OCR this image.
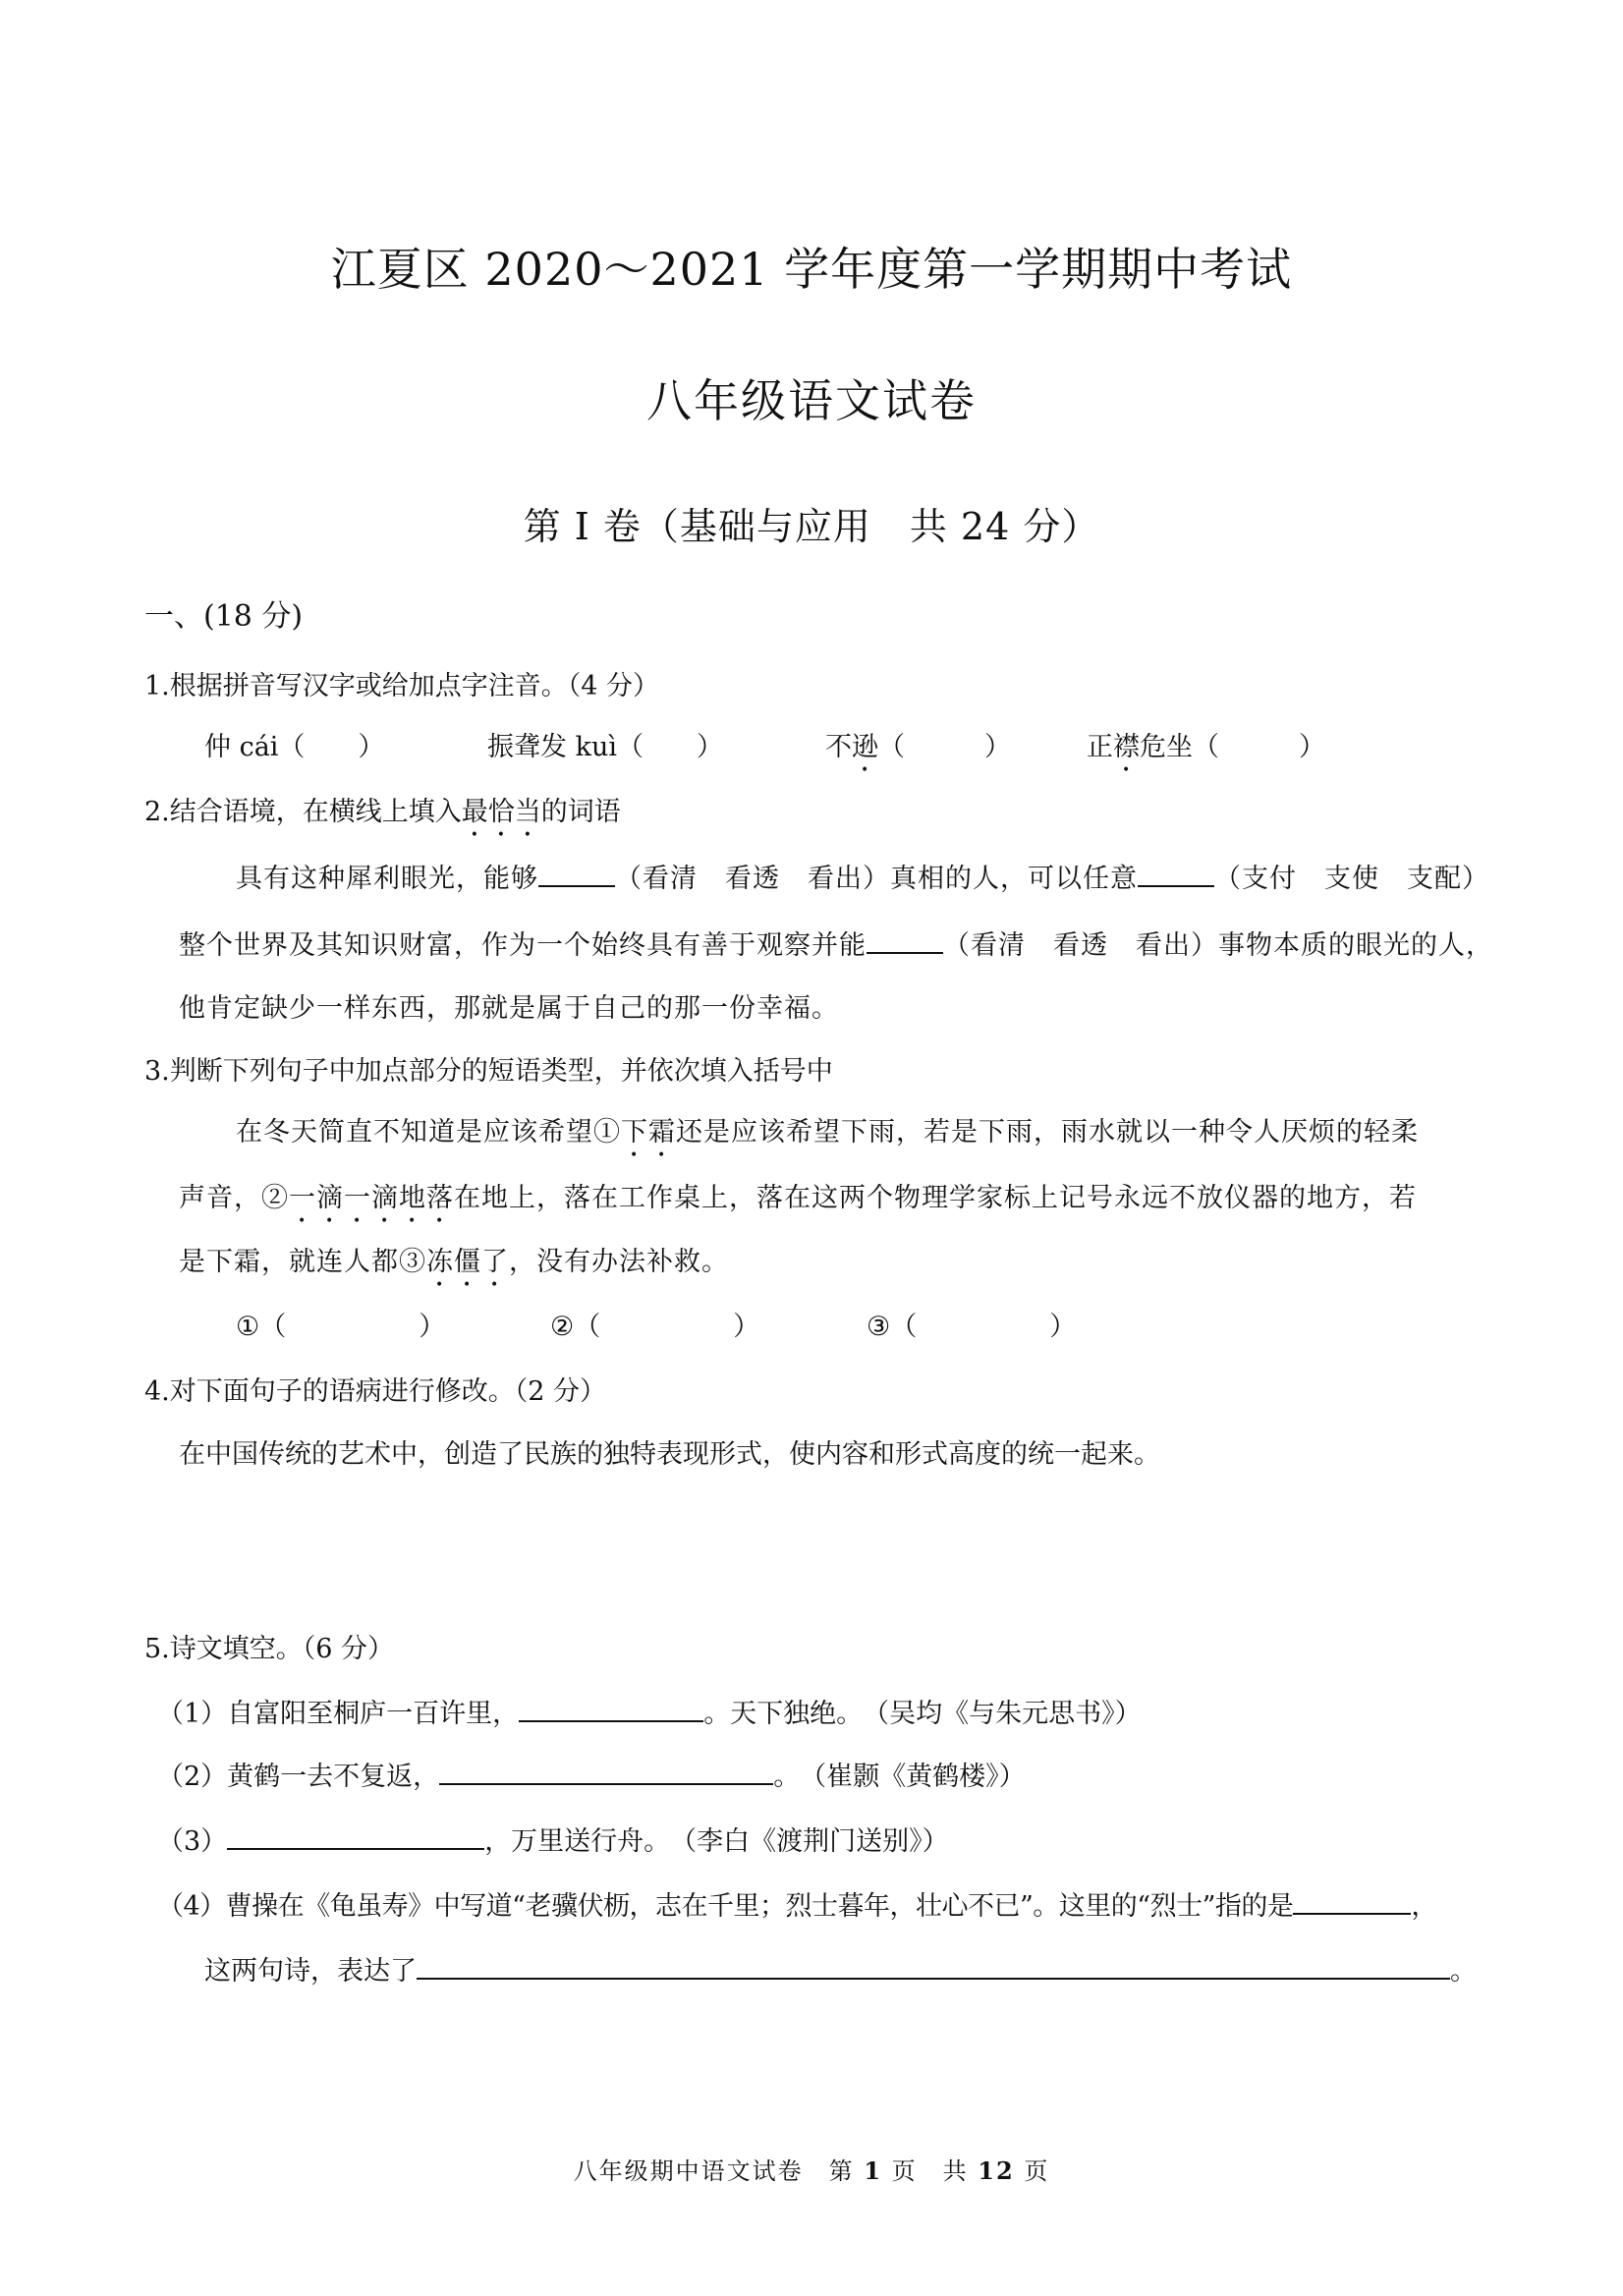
江夏区 2020～2021 学年度第一学期期中考试
八年级语文试卷
第 I 卷（基础与应用　共 24 分）
一、(18 分)
1.根据拼音写汉字或给加点字注音。（4 分）
仲 cái（　　）	振聋发 kuì（　　）	不逊（　　　）	正襟危坐（　　　）
2.结合语境，在横线上填入最恰当的词语
具有这种犀利眼光，能够	（看清　看透　看出）真相的人，可以任意	（支付　支使　支配）
整个世界及其知识财富，作为一个始终具有善于观察并能	（看清　看透　看出）事物本质的眼光的人，
他肯定缺少一样东西，那就是属于自己的那一份幸福。
3.判断下列句子中加点部分的短语类型，并依次填入括号中
在冬天简直不知道是应该希望①下霜还是应该希望下雨，若是下雨，雨水就以一种令人厌烦的轻柔
声音，②一滴一滴地落在地上，落在工作桌上，落在这两个物理学家标上记号永远不放仪器的地方，若
是下霜，就连人都③冻僵了，没有办法补救。
①（　　　　　）	②（　　　　　）	③（　　　　　）
4.对下面句子的语病进行修改。（2 分）
在中国传统的艺术中，创造了民族的独特表现形式，使内容和形式高度的统一起来。
5.诗文填空。（6 分）
（1）自富阳至桐庐一百许里，	。天下独绝。　（吴均《与朱元思书》）
（2）黄鹤一去不复返，	。　（崔颢《黄鹤楼》）
（3）	，万里送行舟。　（李白《渡荆门送别》）
（4）曹操在《龟虽寿》中写道“老骥伏枥，志在千里；烈士暮年，壮心不已”。这里的“烈士”指的是	，
这两句诗，表达了	。
八年级期中语文试卷　第 1 页　共 12 页
